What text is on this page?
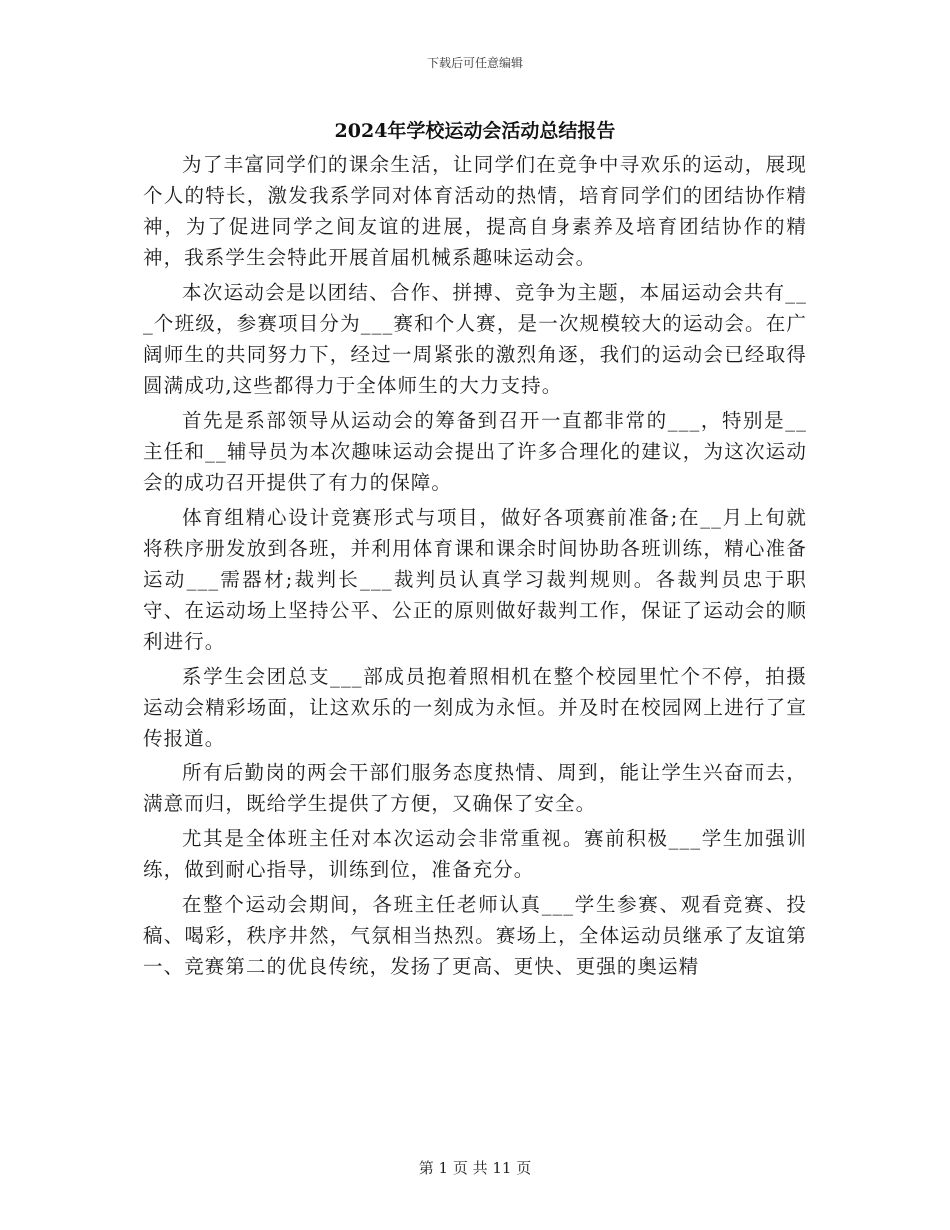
下载后可任意编辑
2024年学校运动会活动总结报告

为了丰富同学们的课余生活，让同学们在竞争中寻欢乐的运动，展现个人的特长，激发我系学同对体育活动的热情，培育同学们的团结协作精神，为了促进同学之间友谊的进展，提高自身素养及培育团结协作的精神，我系学生会特此开展首届机械系趣味运动会。

本次运动会是以团结、合作、拼搏、竞争为主题，本届运动会共有___个班级，参赛项目分为___赛和个人赛，是一次规模较大的运动会。在广阔师生的共同努力下，经过一周紧张的激烈角逐，我们的运动会已经取得圆满成功,这些都得力于全体师生的大力支持。

首先是系部领导从运动会的筹备到召开一直都非常的___，特别是__主任和__辅导员为本次趣味运动会提出了许多合理化的建议，为这次运动会的成功召开提供了有力的保障。

体育组精心设计竞赛形式与项目，做好各项赛前准备;在__月上旬就将秩序册发放到各班，并利用体育课和课余时间协助各班训练，精心准备运动___需器材;裁判长___裁判员认真学习裁判规则。各裁判员忠于职守、在运动场上坚持公平、公正的原则做好裁判工作，保证了运动会的顺利进行。

系学生会团总支___部成员抱着照相机在整个校园里忙个不停，拍摄运动会精彩场面，让这欢乐的一刻成为永恒。并及时在校园网上进行了宣传报道。

所有后勤岗的两会干部们服务态度热情、周到，能让学生兴奋而去，满意而归，既给学生提供了方便，又确保了安全。

尤其是全体班主任对本次运动会非常重视。赛前积极___学生加强训练，做到耐心指导，训练到位，准备充分。

在整个运动会期间，各班主任老师认真___学生参赛、观看竞赛、投稿、喝彩，秩序井然，气氛相当热烈。赛场上，全体运动员继承了友谊第一、竞赛第二的优良传统，发扬了更高、更快、更强的奥运精

第 1 页 共 11 页
